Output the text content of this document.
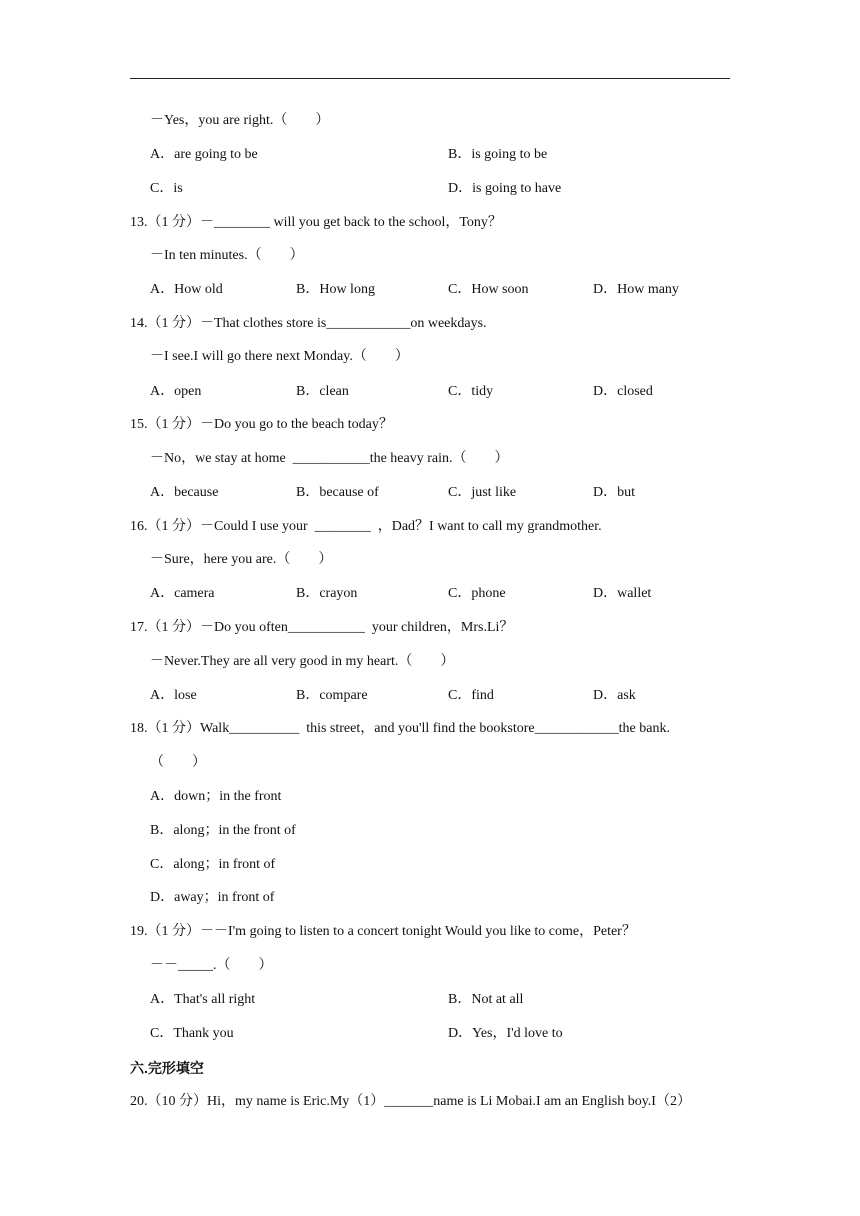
－Yes，you are right.（　　）
A．are going to be	B．is going to be
C．is	D．is going to have
13.（1 分）－________ will you get back to the school，Tony？
－In ten minutes.（　　）
A．How old	B．How long	C．How soon	D．How many
14.（1 分）－That clothes store is____________on weekdays.
－I see.I will go there next Monday.（　　）
A．open	B．clean	C．tidy	D．closed
15.（1 分）－Do you go to the beach today？
－No，we stay at home  ___________the heavy rain.（　　）
A．because	B．because of	C．just like	D．but
16.（1 分）－Could I use your  ________  ，Dad？I want to call my grandmother.
－Sure，here you are.（　　）
A．camera	B．crayon	C．phone	D．wallet
17.（1 分）－Do you often___________  your children，Mrs.Li？
－Never.They are all very good in my heart.（　　）
A．lose	B．compare	C．find	D．ask
18.（1 分）Walk__________  this street，and you'll find the bookstore____________the bank.
（　　）
A．down；in the front
B．along；in the front of
C．along；in front of
D．away；in front of
19.（1 分）－－I'm going to listen to a concert tonight Would you like to come，Peter？
－－_____.（　　）
A．That's all right	B．Not at all
C．Thank you	D．Yes，I'd love to
六.完形填空
20.（10 分）Hi，my name is Eric.My（1）_______name is Li Mobai.I am an English boy.I（2）
